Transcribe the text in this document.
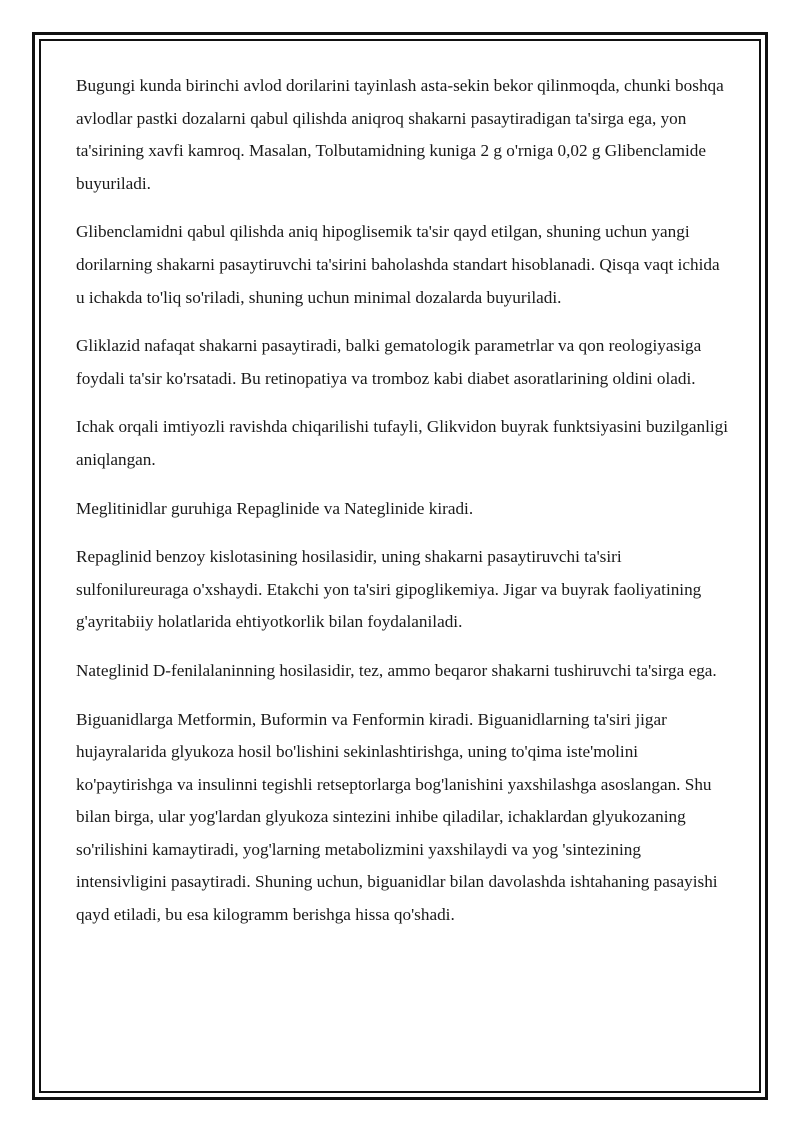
Bugungi kunda birinchi avlod dorilarini tayinlash asta-sekin bekor qilinmoqda, chunki boshqa avlodlar pastki dozalarni qabul qilishda aniqroq shakarni pasaytiradigan ta'sirga ega, yon ta'sirining xavfi kamroq. Masalan, Tolbutamidning kuniga 2 g o'rniga 0,02 g Glibenclamide buyuriladi.

Glibenclamidni qabul qilishda aniq hipoglisemik ta'sir qayd etilgan, shuning uchun yangi dorilarning shakarni pasaytiruvchi ta'sirini baholashda standart hisoblanadi. Qisqa vaqt ichida u ichakda to'liq so'riladi, shuning uchun minimal dozalarda buyuriladi.

Gliklazid nafaqat shakarni pasaytiradi, balki gematologik parametrlar va qon reologiyasiga foydali ta'sir ko'rsatadi. Bu retinopatiya va tromboz kabi diabet asoratlarining oldini oladi.

Ichak orqali imtiyozli ravishda chiqarilishi tufayli, Glikvidon buyrak funktsiyasini buzilganligi aniqlangan.

Meglitinidlar guruhiga Repaglinide va Nateglinide kiradi.

Repaglinid benzoy kislotasining hosilasidir, uning shakarni pasaytiruvchi ta'siri sulfonilureuraga o'xshaydi. Etakchi yon ta'siri gipoglikemiya. Jigar va buyrak faoliyatining g'ayritabiiy holatlarida ehtiyotkorlik bilan foydalaniladi.

Nateglinid D-fenilalaninning hosilasidir, tez, ammo beqaror shakarni tushiruvchi ta'sirga ega.

Biguanidlarga Metformin, Buformin va Fenformin kiradi. Biguanidlarning ta'siri jigar hujayralarida glyukoza hosil bo'lishini sekinlashtirishga, uning to'qima iste'molini ko'paytirishga va insulinni tegishli retseptorlarga bog'lanishini yaxshilashga asoslangan. Shu bilan birga, ular yog'lardan glyukoza sintezini inhibe qiladilar, ichaklardan glyukozaning so'rilishini kamaytiradi, yog'larning metabolizmini yaxshilaydi va yog 'sintezining intensivligini pasaytiradi. Shuning uchun, biguanidlar bilan davolashda ishtahaning pasayishi qayd etiladi, bu esa kilogramm berishga hissa qo'shadi.
